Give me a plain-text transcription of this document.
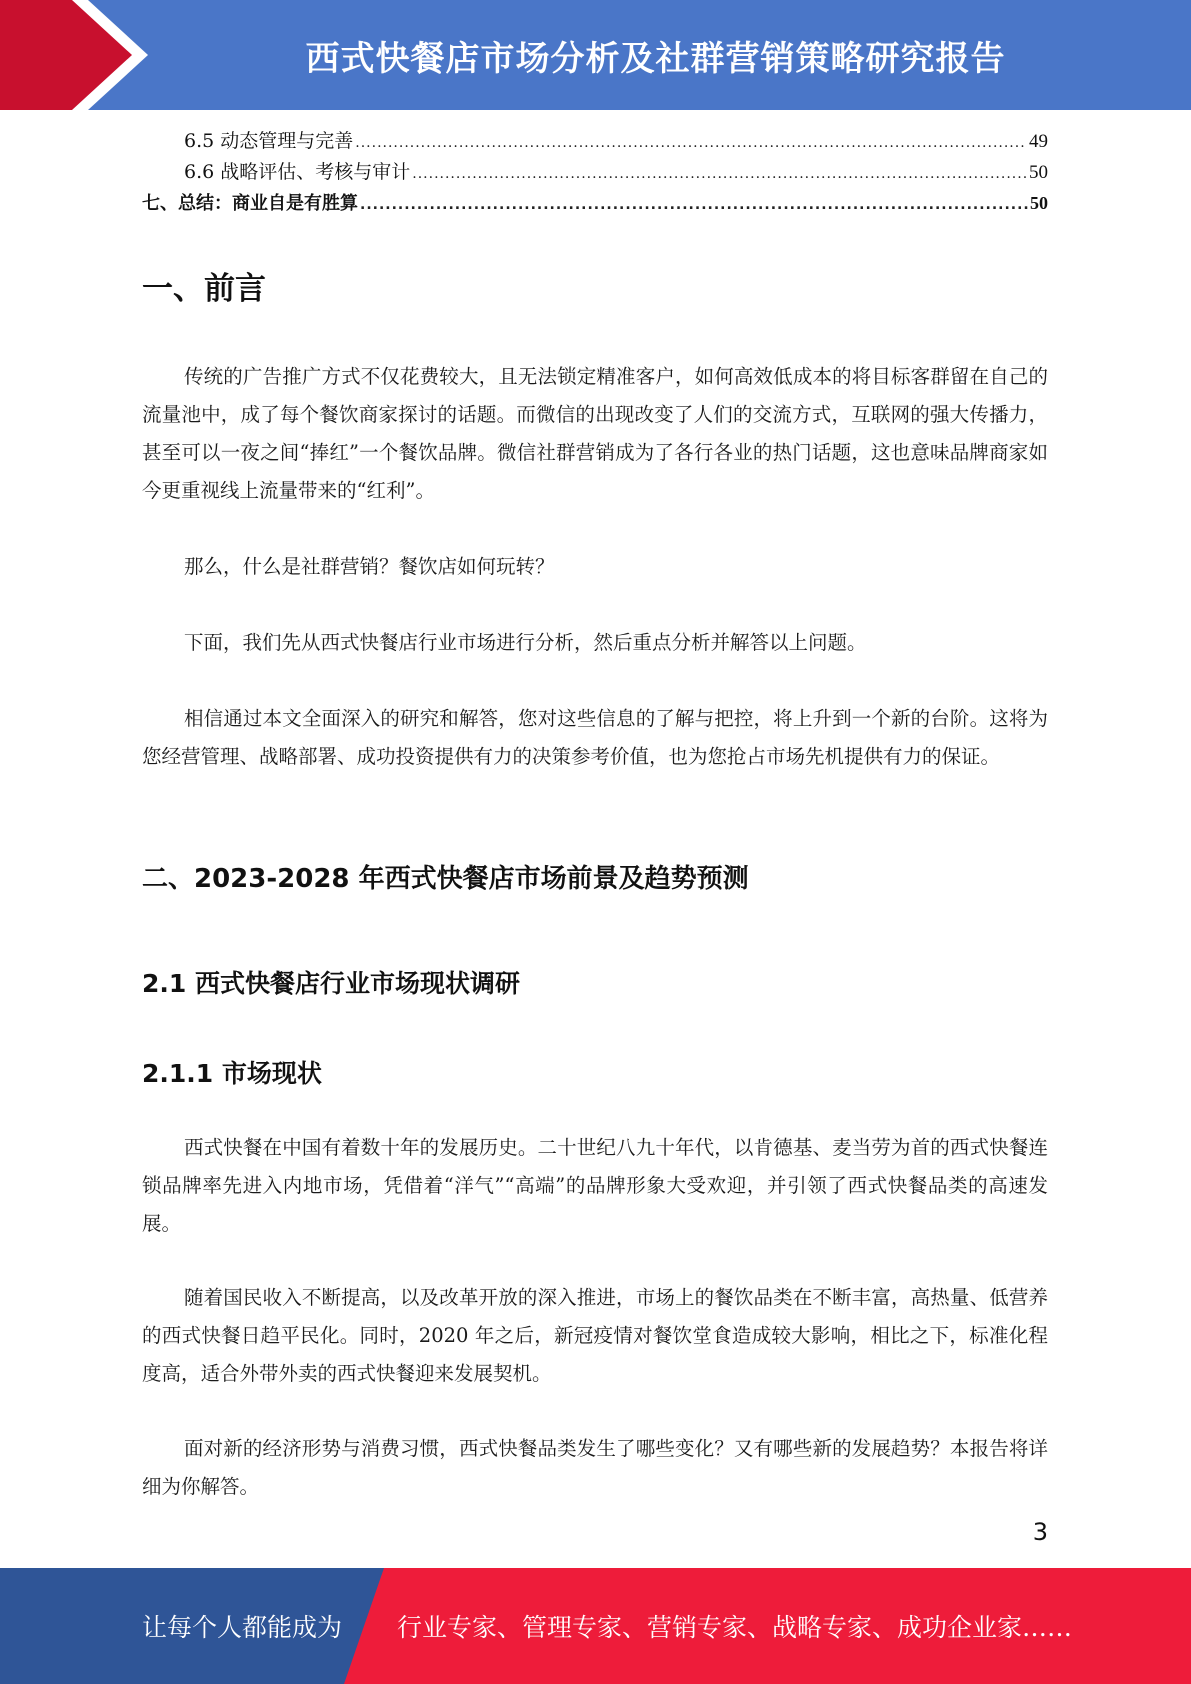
西式快餐店市场分析及社群营销策略研究报告
6.5 动态管理与完善 .....	49
6.6 战略评估、考核与审计 .....	50
七、总结：商业自是有胜算 .....	50
一、前言
传统的广告推广方式不仅花费较大，且无法锁定精准客户，如何高效低成本的将目标客群留在自己的流量池中，成了每个餐饮商家探讨的话题。而微信的出现改变了人们的交流方式，互联网的强大传播力，甚至可以一夜之间“捧红”一个餐饮品牌。微信社群营销成为了各行各业的热门话题，这也意味品牌商家如今更重视线上流量带来的“红利”。
那么，什么是社群营销？餐饮店如何玩转？
下面，我们先从西式快餐店行业市场进行分析，然后重点分析并解答以上问题。
相信通过本文全面深入的研究和解答，您对这些信息的了解与把控，将上升到一个新的台阶。这将为您经营管理、战略部署、成功投资提供有力的决策参考价值，也为您抢占市场先机提供有力的保证。
二、2023-2028 年西式快餐店市场前景及趋势预测
2.1 西式快餐店行业市场现状调研
2.1.1 市场现状
西式快餐在中国有着数十年的发展历史。二十世纪八九十年代，以肯德基、麦当劳为首的西式快餐连锁品牌率先进入内地市场，凭借着“洋气”“高端”的品牌形象大受欢迎，并引领了西式快餐品类的高速发展。
随着国民收入不断提高，以及改革开放的深入推进，市场上的餐饮品类在不断丰富，高热量、低营养的西式快餐日趋平民化。同时，2020 年之后，新冠疫情对餐饮堂食造成较大影响，相比之下，标准化程度高，适合外带外卖的西式快餐迎来发展契机。
面对新的经济形势与消费习惯，西式快餐品类发生了哪些变化？又有哪些新的发展趋势？本报告将详细为你解答。
3
让每个人都能成为 行业专家、管理专家、营销专家、战略专家、成功企业家……
